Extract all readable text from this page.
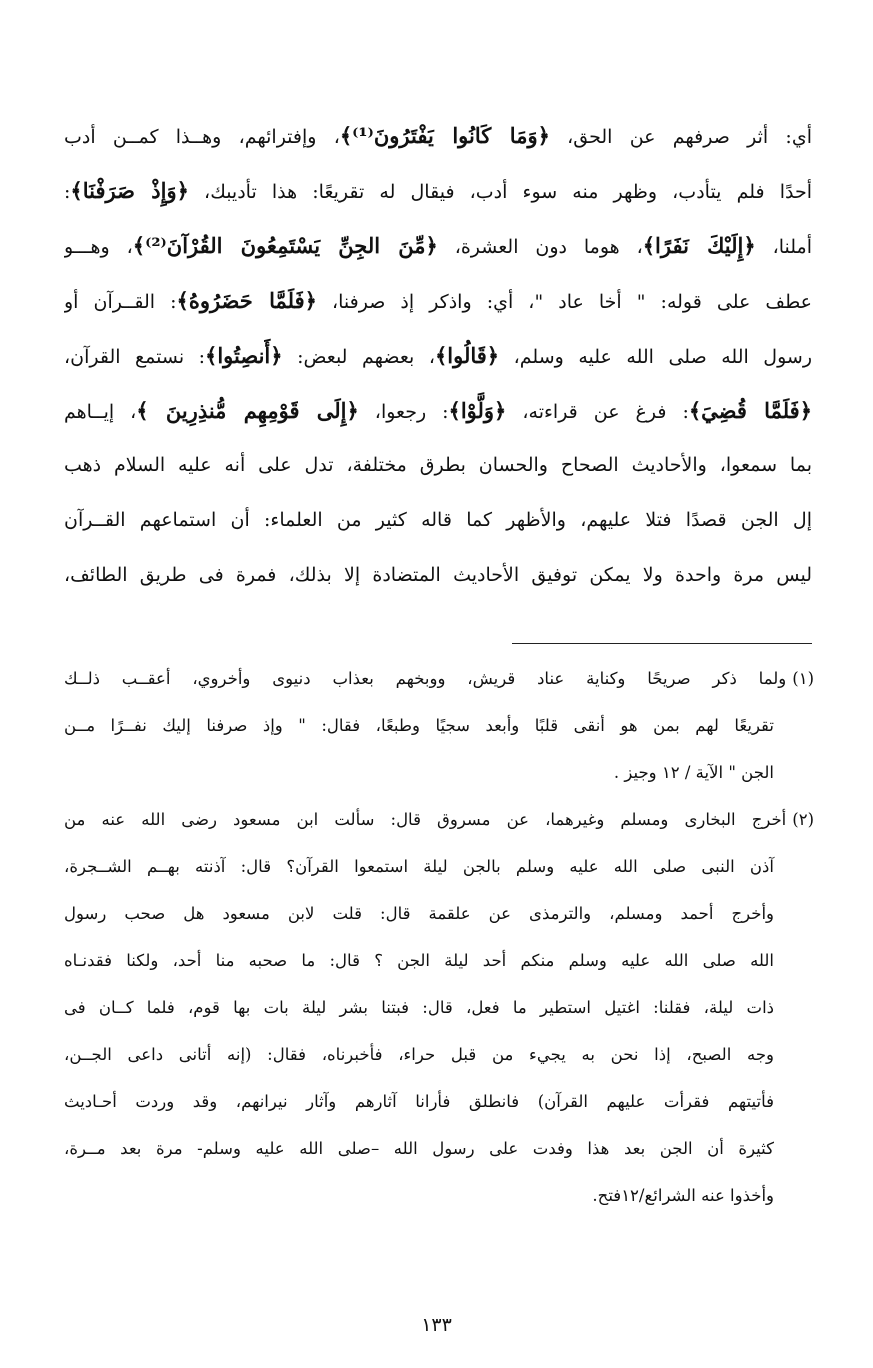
أي: أثر صرفهم عن الحق، ﴿وَمَا كَانُوا يَفْتَرُونَ⁽¹⁾﴾، وإفترائهم، وهــذا كمــن أدب
أحدًا فلم يتأدب، وظهر منه سوء أدب، فيقال له تقريعًا: هذا تأديبك، ﴿وَإِذْ صَرَفْنَا﴾:
أملنا، ﴿إِلَيْكَ نَفَرًا﴾، هوما دون العشرة، ﴿مِّنَ الجِنِّ يَسْتَمِعُونَ القُرْآنَ⁽²⁾﴾، وهـــو
عطف على قوله: " أخا عاد "، أي: واذكر إذ صرفنا، ﴿فَلَمَّا حَضَرُوهُ﴾: القــرآن أو
رسول الله صلى الله عليه وسلم، ﴿قَالُوا﴾، بعضهم لبعض: ﴿أَنصِتُوا﴾: نستمع القرآن،
﴿فَلَمَّا قُضِيَ﴾: فرغ عن قراءته، ﴿وَلَّوْا﴾: رجعوا، ﴿إِلَى قَوْمِهِم مُّنذِرِينَ ﴾، إيــاهم
بما سمعوا، والأحاديث الصحاح والحسان بطرق مختلفة، تدل على أنه عليه السلام ذهب
إل الجن قصدًا فتلا عليهم، والأظهر كما قاله كثير من العلماء: أن استماعهم القــرآن
ليس مرة واحدة ولا يمكن توفيق الأحاديث المتضادة إلا بذلك، فمرة فى طريق الطائف،
(١)ولما ذكر صريحًا وكناية عناد قريش، ووبخهم بعذاب دنيوى وأخروي، أعقــب ذلــك
تقريعًا لهم بمن هو أنقى قلبًا وأبعد سجيًا وطبعًا، فقال: " وإذ صرفنا إليك نفــرًا مــن
الجن " الآية / ١٢ وجيز .
(٢)أخرج البخارى ومسلم وغيرهما، عن مسروق قال: سألت ابن مسعود رضى الله عنه من
آذن النبى صلى الله عليه وسلم بالجن ليلة استمعوا القرآن؟ قال: آذنته بهــم الشــجرة،
وأخرج أحمد ومسلم، والترمذى عن علقمة قال: قلت لابن مسعود هل صحب رسول
الله صلى الله عليه وسلم منكم أحد ليلة الجن ؟ قال: ما صحبه منا أحد، ولكنا فقدنـاه
ذات ليلة، فقلنا: اغتيل استطير ما فعل، قال: فبتنا بشر ليلة بات بها قوم، فلما كــان فى
وجه الصبح، إذا نحن به يجيء من قبل حراء، فأخبرناه، فقال: (إنه أتانى داعى الجــن،
فأتيتهم فقرأت عليهم القرآن) فانطلق فأرانا آثارهم وآثار نيرانهم، وقد وردت أحـاديث
كثيرة أن الجن بعد هذا وفدت على رسول الله –صلى الله عليه وسلم- مرة بعد مــرة،
وأخذوا عنه الشرائع/١٢فتح.
١٣٣
